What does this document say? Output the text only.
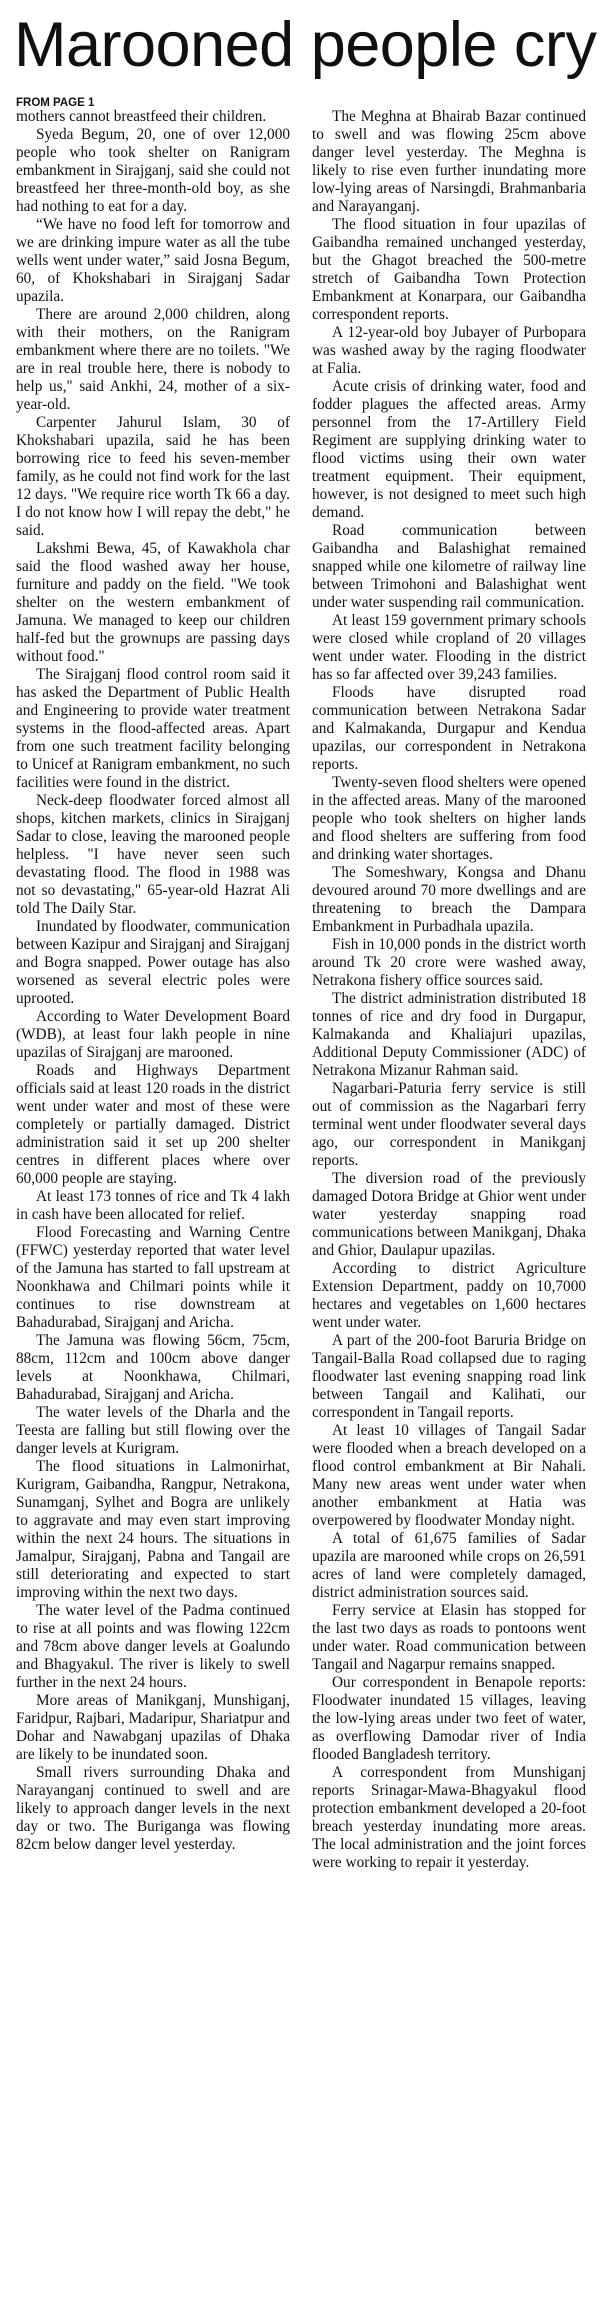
Marooned people cry
FROM PAGE 1

mothers cannot breastfeed their children.

Syeda Begum, 20, one of over 12,000 people who took shelter on Ranigram embankment in Sirajganj, said she could not breastfeed her three-month-old boy, as she had nothing to eat for a day.

“We have no food left for tomorrow and we are drinking impure water as all the tube wells went under water,” said Josna Begum, 60, of Khokshabari in Sirajganj Sadar upazila.

There are around 2,000 children, along with their mothers, on the Ranigram embankment where there are no toilets. "We are in real trouble here, there is nobody to help us," said Ankhi, 24, mother of a six-year-old.

Carpenter Jahurul Islam, 30 of Khokshabari upazila, said he has been borrowing rice to feed his seven-member family, as he could not find work for the last 12 days. "We require rice worth Tk 66 a day. I do not know how I will repay the debt," he said.

Lakshmi Bewa, 45, of Kawakhola char said the flood washed away her house, furniture and paddy on the field. "We took shelter on the western embankment of Jamuna. We managed to keep our children half-fed but the grownups are passing days without food."

The Sirajganj flood control room said it has asked the Department of Public Health and Engineering to provide water treatment systems in the flood-affected areas. Apart from one such treatment facility belonging to Unicef at Ranigram embankment, no such facilities were found in the district.

Neck-deep floodwater forced almost all shops, kitchen markets, clinics in Sirajganj Sadar to close, leaving the marooned people helpless. "I have never seen such devastating flood. The flood in 1988 was not so devastating," 65-year-old Hazrat Ali told The Daily Star.

Inundated by floodwater, communication between Kazipur and Sirajganj and Sirajganj and Bogra snapped. Power outage has also worsened as several electric poles were uprooted.

According to Water Development Board (WDB), at least four lakh people in nine upazilas of Sirajganj are marooned.

Roads and Highways Department officials said at least 120 roads in the district went under water and most of these were completely or partially damaged. District administration said it set up 200 shelter centres in different places where over 60,000 people are staying.

At least 173 tonnes of rice and Tk 4 lakh in cash have been allocated for relief.

Flood Forecasting and Warning Centre (FFWC) yesterday reported that water level of the Jamuna has started to fall upstream at Noonkhawa and Chilmari points while it continues to rise downstream at Bahadurabad, Sirajganj and Aricha.

The Jamuna was flowing 56cm, 75cm, 88cm, 112cm and 100cm above danger levels at Noonkhawa, Chilmari, Bahadurabad, Sirajganj and Aricha.

The water levels of the Dharla and the Teesta are falling but still flowing over the danger levels at Kurigram.

The flood situations in Lalmonirhat, Kurigram, Gaibandha, Rangpur, Netrakona, Sunamganj, Sylhet and Bogra are unlikely to aggravate and may even start improving within the next 24 hours. The situations in Jamalpur, Sirajganj, Pabna and Tangail are still deteriorating and expected to start improving within the next two days.

The water level of the Padma continued to rise at all points and was flowing 122cm and 78cm above danger levels at Goalundo and Bhagyakul. The river is likely to swell further in the next 24 hours.

More areas of Manikganj, Munshiganj, Faridpur, Rajbari, Madaripur, Shariatpur and Dohar and Nawabganj upazilas of Dhaka are likely to be inundated soon.

Small rivers surrounding Dhaka and Narayanganj continued to swell and are likely to approach danger levels in the next day or two. The Buriganga was flowing 82cm below danger level yesterday.

The Meghna at Bhairab Bazar continued to swell and was flowing 25cm above danger level yesterday. The Meghna is likely to rise even further inundating more low-lying areas of Narsingdi, Brahmanbaria and Narayanganj.

The flood situation in four upazilas of Gaibandha remained unchanged yesterday, but the Ghagot breached the 500-metre stretch of Gaibandha Town Protection Embankment at Konarpara, our Gaibandha correspondent reports.

A 12-year-old boy Jubayer of Purbopara was washed away by the raging floodwater at Falia.

Acute crisis of drinking water, food and fodder plagues the affected areas. Army personnel from the 17-Artillery Field Regiment are supplying drinking water to flood victims using their own water treatment equipment. Their equipment, however, is not designed to meet such high demand.

Road communication between Gaibandha and Balashighat remained snapped while one kilometre of railway line between Trimohoni and Balashighat went under water suspending rail communication.

At least 159 government primary schools were closed while cropland of 20 villages went under water. Flooding in the district has so far affected over 39,243 families.

Floods have disrupted road communication between Netrakona Sadar and Kalmakanda, Durgapur and Kendua upazilas, our correspondent in Netrakona reports.

Twenty-seven flood shelters were opened in the affected areas. Many of the marooned people who took shelters on higher lands and flood shelters are suffering from food and drinking water shortages.

The Someshwary, Kongsa and Dhanu devoured around 70 more dwellings and are threatening to breach the Dampara Embankment in Purbadhala upazila.

Fish in 10,000 ponds in the district worth around Tk 20 crore were washed away, Netrakona fishery office sources said.

The district administration distributed 18 tonnes of rice and dry food in Durgapur, Kalmakanda and Khaliajuri upazilas, Additional Deputy Commissioner (ADC) of Netrakona Mizanur Rahman said.

Nagarbari-Paturia ferry service is still out of commission as the Nagarbari ferry terminal went under floodwater several days ago, our correspondent in Manikganj reports.

The diversion road of the previously damaged Dotora Bridge at Ghior went under water yesterday snapping road communications between Manikganj, Dhaka and Ghior, Daulapur upazilas.

According to district Agriculture Extension Department, paddy on 10,7000 hectares and vegetables on 1,600 hectares went under water.

A part of the 200-foot Baruria Bridge on Tangail-Balla Road collapsed due to raging floodwater last evening snapping road link between Tangail and Kalihati, our correspondent in Tangail reports.

At least 10 villages of Tangail Sadar were flooded when a breach developed on a flood control embankment at Bir Nahali. Many new areas went under water when another embankment at Hatia was overpowered by floodwater Monday night.

A total of 61,675 families of Sadar upazila are marooned while crops on 26,591 acres of land were completely damaged, district administration sources said.

Ferry service at Elasin has stopped for the last two days as roads to pontoons went under water. Road communication between Tangail and Nagarpur remains snapped.

Our correspondent in Benapole reports: Floodwater inundated 15 villages, leaving the low-lying areas under two feet of water, as overflowing Damodar river of India flooded Bangladesh territory.

A correspondent from Munshiganj reports Srinagar-Mawa-Bhagyakul flood protection embankment developed a 20-foot breach yesterday inundating more areas. The local administration and the joint forces were working to repair it yesterday.
